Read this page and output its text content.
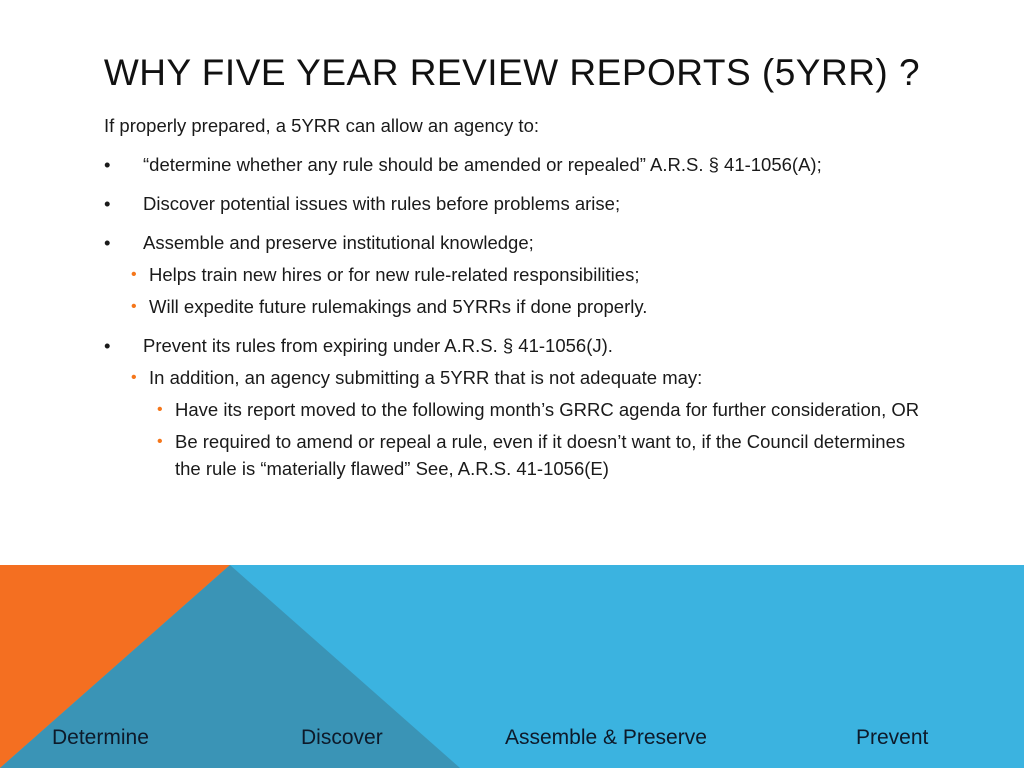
WHY FIVE YEAR REVIEW REPORTS (5YRR) ?

If properly prepared, a 5YRR can allow an agency to:

• “determine whether any rule should be amended or repealed” A.R.S. § 41-1056(A);
• Discover potential issues with rules before problems arise;
• Assemble and preserve institutional knowledge;
• Helps train new hires or for new rule-related responsibilities;
• Will expedite future rulemakings and 5YRRs if done properly.
• Prevent its rules from expiring under A.R.S. § 41-1056(J).
• In addition, an agency submitting a 5YRR that is not adequate may:
• Have its report moved to the following month’s GRRC agenda for further consideration, OR
• Be required to amend or repeal a rule, even if it doesn’t want to, if the Council determines the rule is “materially flawed” See, A.R.S. 41-1056(E)
Determine	Discover	Assemble & Preserve	Prevent
